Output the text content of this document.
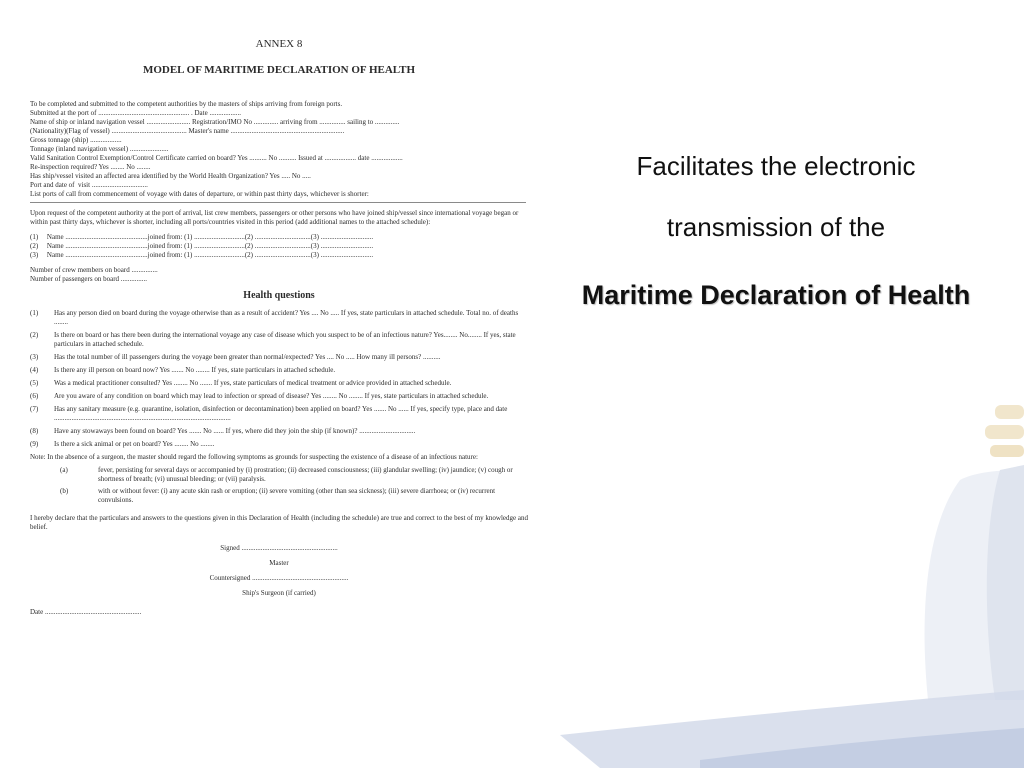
ANNEX 8
MODEL OF MARITIME DECLARATION OF HEALTH
To be completed and submitted to the competent authorities by the masters of ships arriving from foreign ports.
Submitted at the port of .................................................... . Date ..................
Name of ship or inland navigation vessel ......................... Registration/IMO No .............. arriving from ............... sailing to ..............
(Nationality)(Flag of vessel) ........................................... Master's name .................................................................
Gross tonnage (ship) ..................
Tonnage (inland navigation vessel) ......................
Valid Sanitation Control Exemption/Control Certificate carried on board? Yes .......... No .......... Issued at .................. date ..................
Re-inspection required? Yes ........ No ........
Has ship/vessel visited an affected area identified by the World Health Organization? Yes ..... No .....
Port and date of  visit ................................
List ports of call from commencement of voyage with dates of departure, or within past thirty days, whichever is shorter:
Upon request of the competent authority at the port of arrival, list crew members, passengers or other persons who have joined ship/vessel since international voyage began or within past thirty days, whichever is shorter, including all ports/countries visited in this period (add additional names to the attached schedule):
(1)     Name ...............................................joined from: (1) .............................(2) ................................(3) ..............................
(2)     Name ...............................................joined from: (1) .............................(2) ................................(3) ..............................
(3)     Name ...............................................joined from: (1) .............................(2) ................................(3) ..............................
Number of crew members on board ...............
Number of passengers on board ...............
Health questions
(1)	Has any person died on board during the voyage otherwise than as a result of accident? Yes .... No ..... If yes, state particulars in attached schedule. Total no. of deaths ........
(2)	Is there on board or has there been during the international voyage any case of disease which you suspect to be of an infectious nature? Yes........ No........ If yes, state particulars in attached schedule.
(3)	Has the total number of ill passengers during the voyage been greater than normal/expected? Yes .... No ..... How many ill persons? ..........
(4)	Is there any ill person on board now? Yes ....... No ........ If yes, state particulars in attached schedule.
(5)	Was a medical practitioner consulted? Yes ........ No ....... If yes, state particulars of medical treatment or advice provided in attached schedule.
(6)	Are you aware of any condition on board which may lead to infection or spread of disease? Yes ........ No ........ If yes, state particulars in attached schedule.
(7)	Has any sanitary measure (e.g. quarantine, isolation, disinfection or decontamination) been applied on board? Yes ....... No ...... If yes, specify type, place and date .....................................................................................................
(8)	Have any stowaways been found on board? Yes ....... No ...... If yes, where did they join the ship (if known)? ................................
(9)	Is there a sick animal or pet on board? Yes ........ No ........
Note: In the absence of a surgeon, the master should regard the following symptoms as grounds for suspecting the existence of a disease of an infectious nature:
(a)	fever, persisting for several days or accompanied by (i) prostration; (ii) decreased consciousness; (iii) glandular swelling; (iv) jaundice; (v) cough or shortness of breath; (vi) unusual bleeding; or (vii) paralysis.
(b)	with or without fever: (i) any acute skin rash or eruption; (ii) severe vomiting (other than sea sickness); (iii) severe diarrhoea; or (iv) recurrent convulsions.
I hereby declare that the particulars and answers to the questions given in this Declaration of Health (including the schedule) are true and correct to the best of my knowledge and belief.
Signed .......................................................
Master
Countersigned .......................................................
Ship's Surgeon (if carried)
Date .......................................................
Facilitates the electronic
transmission of the
Maritime Declaration of Health
